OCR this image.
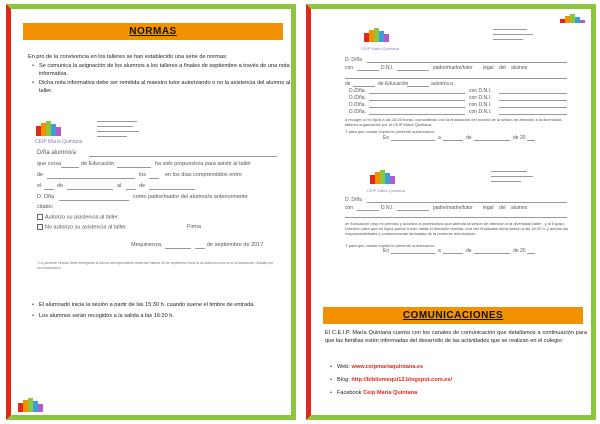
NORMAS
En pro de la convivencia en los talleres se han establecido una serie de normas:
• Se comunica la asignación de los alumnos a los talleres a finales de septiembre a través de una nota informativa.
• Dicha nota informativa debe ser remitida al maestro tutor autorizando o no la asistencia del alumno al taller.
CEIP María Quintana
D/ña alumno/a
que cursa	de Educación	ha sido propuesto/a para asistir al taller
de	los	en los días comprendidos entre
el	de	al	de
D. Dña	como padre/madre del alumno/a anteriormente
citado:
Autorizo su asistencia al taller.
No autorizo su asistencia al taller.	Firma
Mequinenza,	de septiembre de 2017
* La presente circular debe entregarse al tutor/a correspondiente antes del martes 26 de septiembre tanto si se autoriza como si no la asistencia. Gracias por su colaboración.
• El alumnado inicia la sesión a partir de las 15:30 h. cuando suene el timbre de entrada.
• Los alumnos serán recogidos a la salida a las 16:20 h.
CEIP María Quintana
D. D/ña
con	D.N.I.	padre/madre/tutor legal del alumno
de	de Educación	autoriza a :
D./Dña.	con D.N.I.
D./Dña.	con D.N.I.
D./Dña.	con D.N.I.
D./Dña.	con D.N.I.
a recoger a mi hijo/a a las 16:20 horas, coincidiendo con la finalización del horario de la sesión de atención a la diversidad. talleres organizados por el CEIP María Quintana.
Y para que conste expido la presente autorización.
En	a	de	de 20
CEIP María Quintana
D. D/ña
con	D.N.I.	padre/madre/tutor legal del alumno
de Educación (doy mi permiso y autorizo al profesorado que atienda la sesión de atención a la diversidad taller , y al Equipo Directivo para que mi hijo/a pueda ir solo hasta el domicilio familiar, una vez finalizada dicha sesión a las 16:20 h. y asumo las responsabilidades y consecuencias derivadas de la presente autorización.
Y para que conste expido la presente autorización.
En	a	de	de 20
COMUNICACIONES
El C.E.I.P. María Quintana cuenta con los canales de comunicación que detallamos a continuación para que las familias estén informadas del desarrollo de las actividades que se realizan en el colegio:
• Web: www.ceipmariaquintana.es
• Blog: http://bibliomequi12.blogspot.com.es/
• Facebook Ceip María Quintana
